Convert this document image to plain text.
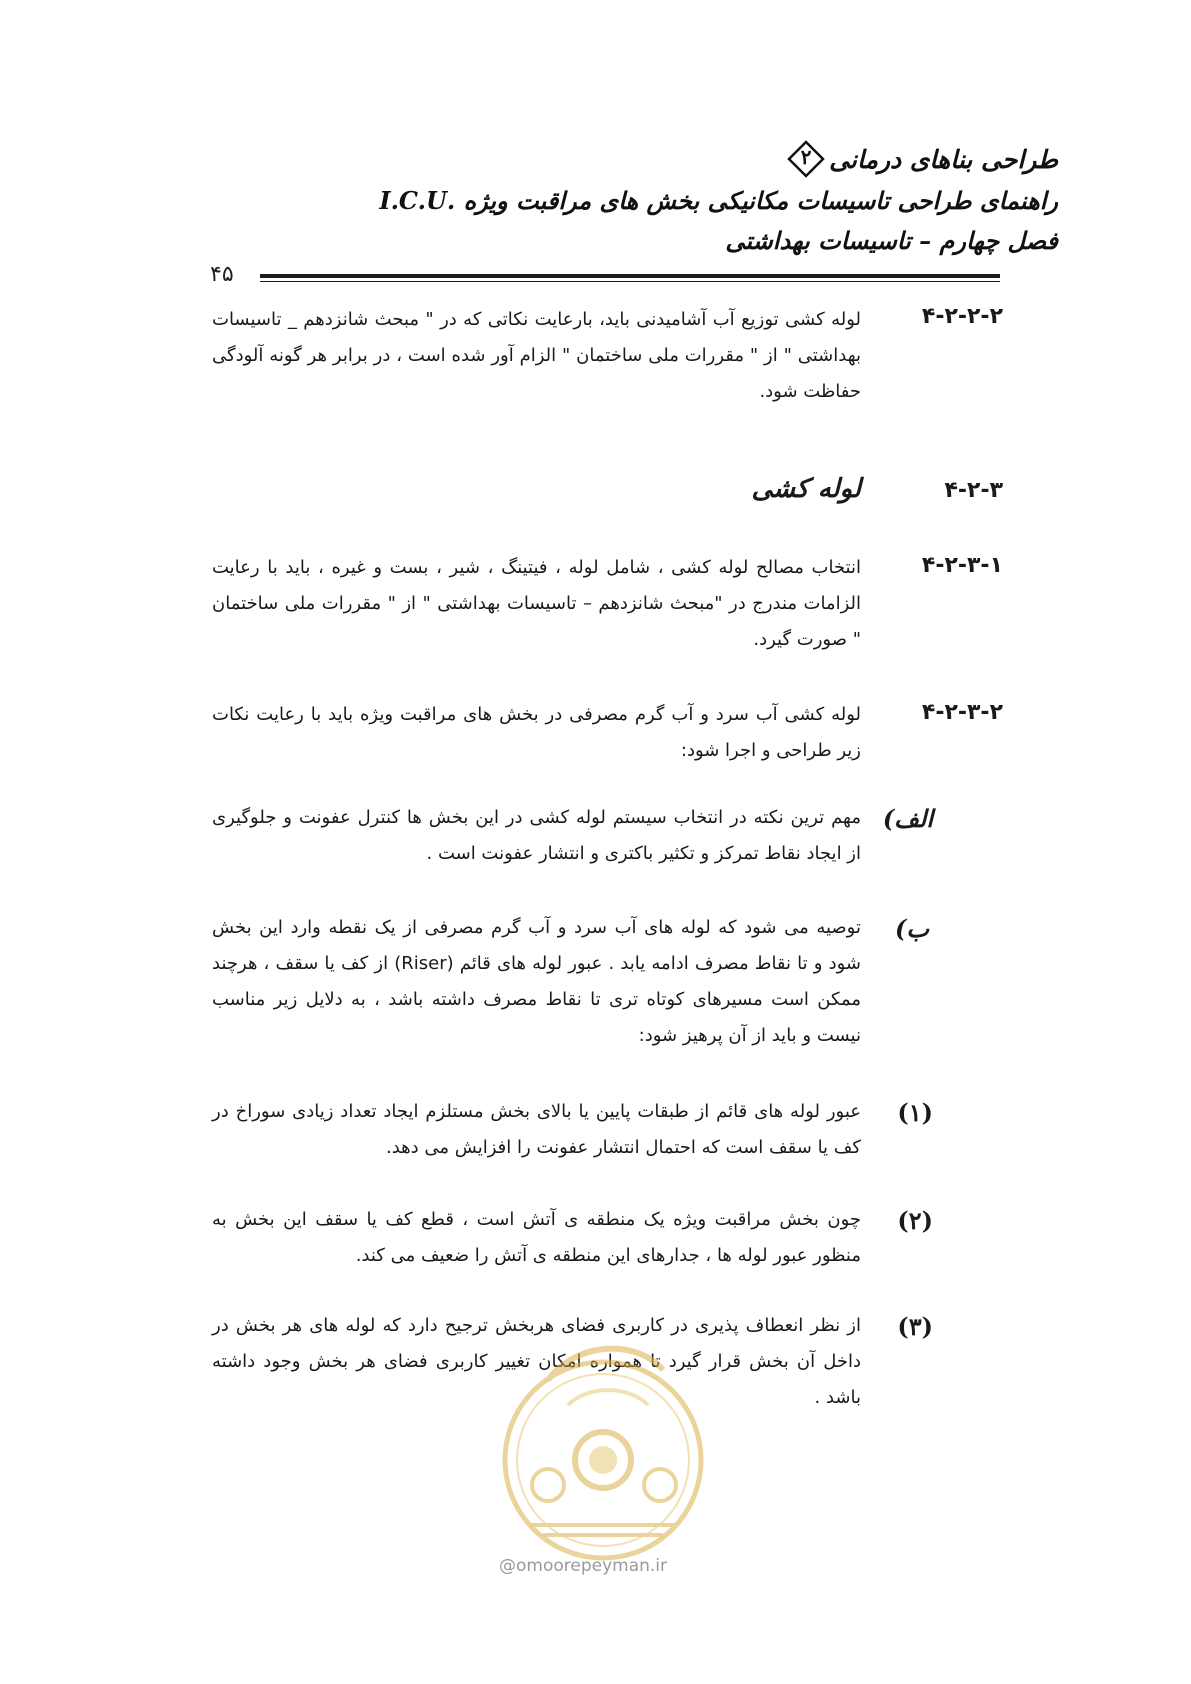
طراحی بناهای درمانی
۲
راهنمای طراحی تاسیسات مکانیکی بخش های مراقبت ویژه .I.C.U
فصل چهارم – تاسیسات بهداشتی
۴۵
۴-۲-۲-۲
لوله کشی توزیع آب آشامیدنی باید، بارعایت نکاتی که در " مبحث شانزدهم _ تاسیسات بهداشتی " از " مقررات ملی ساختمان " الزام آور شده است ، در برابر هر گونه آلودگی حفاظت شود.
۴-۲-۳
لوله کشی
۴-۲-۳-۱
انتخاب مصالح لوله کشی ، شامل لوله ، فیتینگ ، شیر ، بست و غیره ، باید با رعایت الزامات مندرج در "مبحث شانزدهم – تاسیسات بهداشتی " از " مقررات ملی ساختمان " صورت گیرد.
۴-۲-۳-۲
لوله کشی آب سرد و آب گرم مصرفی در بخش های مراقبت ویژه باید با رعایت نکات زیر طراحی و اجرا شود:
الف)
مهم ترین نکته در انتخاب سیستم لوله کشی در این بخش ها کنترل عفونت و جلوگیری از ایجاد نقاط تمرکز و تکثیر باکتری و انتشار عفونت است .
ب)
توصیه می شود که لوله های آب سرد و آب گرم مصرفی از یک نقطه وارد این بخش شود و تا نقاط مصرف ادامه یابد . عبور لوله های قائم (Riser) از کف یا سقف ، هرچند ممکن است مسیرهای کوتاه تری تا نقاط مصرف داشته باشد ، به دلایل زیر مناسب نیست و باید از آن پرهیز شود:
(۱)
عبور لوله های قائم از طبقات پایین یا بالای بخش مستلزم ایجاد تعداد زیادی سوراخ در کف یا سقف است که احتمال انتشار عفونت را افزایش می دهد.
(۲)
چون بخش مراقبت ویژه یک منطقه ی آتش است ، قطع کف یا سقف این بخش به منظور عبور لوله ها ، جدارهای این منطقه ی آتش را ضعیف می کند.
(۳)
از نظر انعطاف پذیری در کاربری فضای هربخش ترجیح دارد که لوله های هر بخش در داخل آن بخش قرار گیرد تا همواره امکان تغییر کاربری فضای هر بخش وجود داشته باشد .
@omoorepeyman.ir
